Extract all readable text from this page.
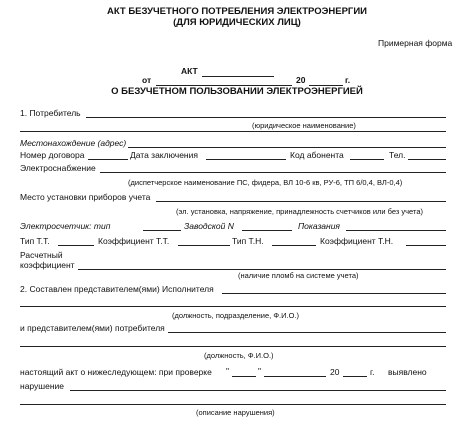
АКТ БЕЗУЧЕТНОГО ПОТРЕБЛЕНИЯ ЭЛЕКТРОЭНЕРГИИ
(ДЛЯ ЮРИДИЧЕСКИХ ЛИЦ)
Примерная форма
АКТ
от	20	г.
О БЕЗУЧЕТНОМ ПОЛЬЗОВАНИИ ЭЛЕКТРОЭНЕРГИЕЙ
1. Потребитель
(юридическое наименование)
Местонахождение (адрес)
Номер договора	Дата заключения	Код абонента	Тел.
Электроснабжение
(диспетчерское наименование ПС, фидера, ВЛ 10-6 кв, РУ-6, ТП 6/0,4, ВЛ-0,4)
Место установки приборов учета
(эл. установка, напряжение, принадлежность счетчиков или без учета)
Электросчетчик: тип	Заводской N	Показания
Тип Т.Т.	Коэффициент Т.Т.	Тип Т.Н.	Коэффициент Т.Н.
Расчетный
коэффициент
(наличие пломб на системе учета)
2. Составлен представителем(ями) Исполнителя
(должность, подразделение, Ф.И.О.)
и представителем(ями) потребителя
(должность, Ф.И.О.)
настоящий акт о нижеследующем: при проверке "	"	20	г. выявлено
нарушение
(описание нарушения)
